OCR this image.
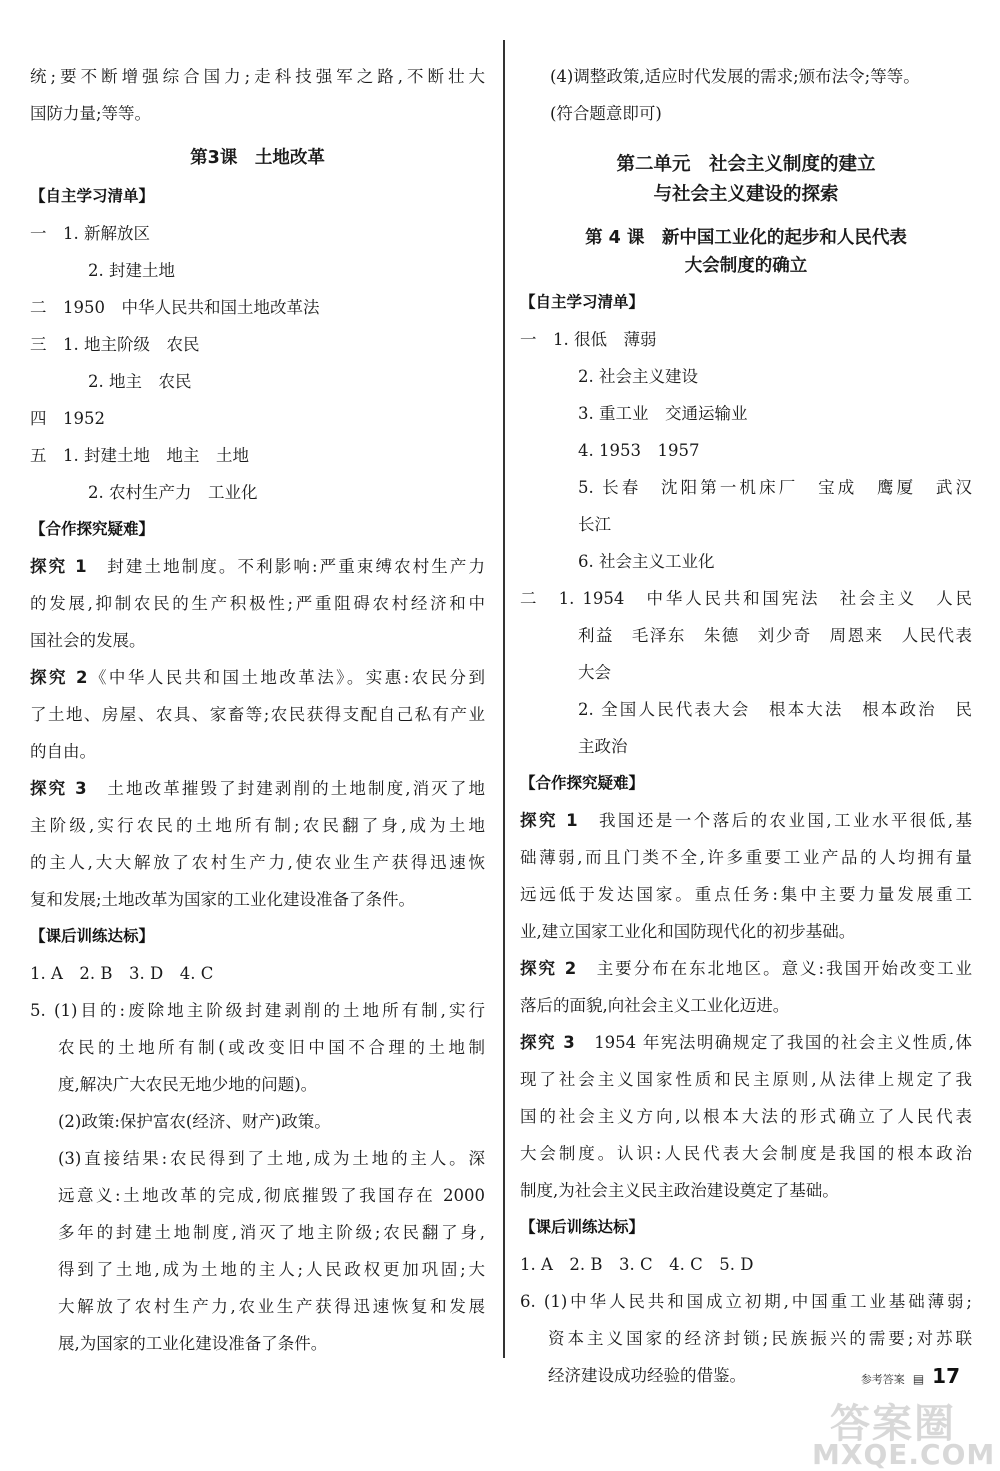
统;要不断增强综合国力;走科技强军之路,不断壮大
国防力量;等等。
第3课　土地改革
【自主学习清单】
一　1. 新解放区
2. 封建土地
二　1950　中华人民共和国土地改革法
三　1. 地主阶级　农民
2. 地主　农民
四　1952
五　1. 封建土地　地主　土地
2. 农村生产力　工业化
【合作探究疑难】
探究 1　 封建土地制度。不利影响:严重束缚农村生产力
的发展,抑制农民的生产积极性;严重阻碍农村经济和中
国社会的发展。
探究 2《中华人民共和国土地改革法》。实惠:农民分到
了土地、房屋、农具、家畜等;农民获得支配自己私有产业
的自由。
探究 3　 土地改革摧毁了封建剥削的土地制度,消灭了地
主阶级,实行农民的土地所有制;农民翻了身,成为土地
的主人,大大解放了农村生产力,使农业生产获得迅速恢
复和发展;土地改革为国家的工业化建设准备了条件。
【课后训练达标】
1. A　2. B　3. D　4. C
5. (1)目的:废除地主阶级封建剥削的土地所有制,实行
农民的土地所有制(或改变旧中国不合理的土地制
度,解决广大农民无地少地的问题)。
(2)政策:保护富农(经济、财产)政策。
(3)直接结果:农民得到了土地,成为土地的主人。深
远意义:土地改革的完成,彻底摧毁了我国存在 2000
多年的封建土地制度,消灭了地主阶级;农民翻了身,
得到了土地,成为土地的主人;人民政权更加巩固;大
大解放了农村生产力,农业生产获得迅速恢复和发展
展,为国家的工业化建设准备了条件。
(4)调整政策,适应时代发展的需求;颁布法令;等等。
(符合题意即可)
第二单元　社会主义制度的建立
与社会主义建设的探索
第 4 课　新中国工业化的起步和人民代表
大会制度的确立
【自主学习清单】
一　1. 很低　薄弱
2. 社会主义建设
3. 重工业　交通运输业
4. 1953　1957
5. 长春　沈阳第一机床厂　宝成　鹰厦　武汉
长江
6. 社会主义工业化
二　1. 1954　中华人民共和国宪法　社会主义　人民
利益　毛泽东　朱德　刘少奇　周恩来　人民代表
大会
2. 全国人民代表大会　根本大法　根本政治　民
主政治
【合作探究疑难】
探究 1　 我国还是一个落后的农业国,工业水平很低,基
础薄弱,而且门类不全,许多重要工业产品的人均拥有量
远远低于发达国家。重点任务:集中主要力量发展重工
业,建立国家工业化和国防现代化的初步基础。
探究 2　 主要分布在东北地区。意义:我国开始改变工业
落后的面貌,向社会主义工业化迈进。
探究 3　 1954 年宪法明确规定了我国的社会主义性质,体
现了社会主义国家性质和民主原则,从法律上规定了我
国的社会主义方向,以根本大法的形式确立了人民代表
大会制度。认识:人民代表大会制度是我国的根本政治
制度,为社会主义民主政治建设奠定了基础。
【课后训练达标】
1. A　2. B　3. C　4. C　5. D
6. (1)中华人民共和国成立初期,中国重工业基础薄弱;
资本主义国家的经济封锁;民族振兴的需要;对苏联
经济建设成功经验的借鉴。	参考答案 ▤ 17
答案圈
MXQE.COM
